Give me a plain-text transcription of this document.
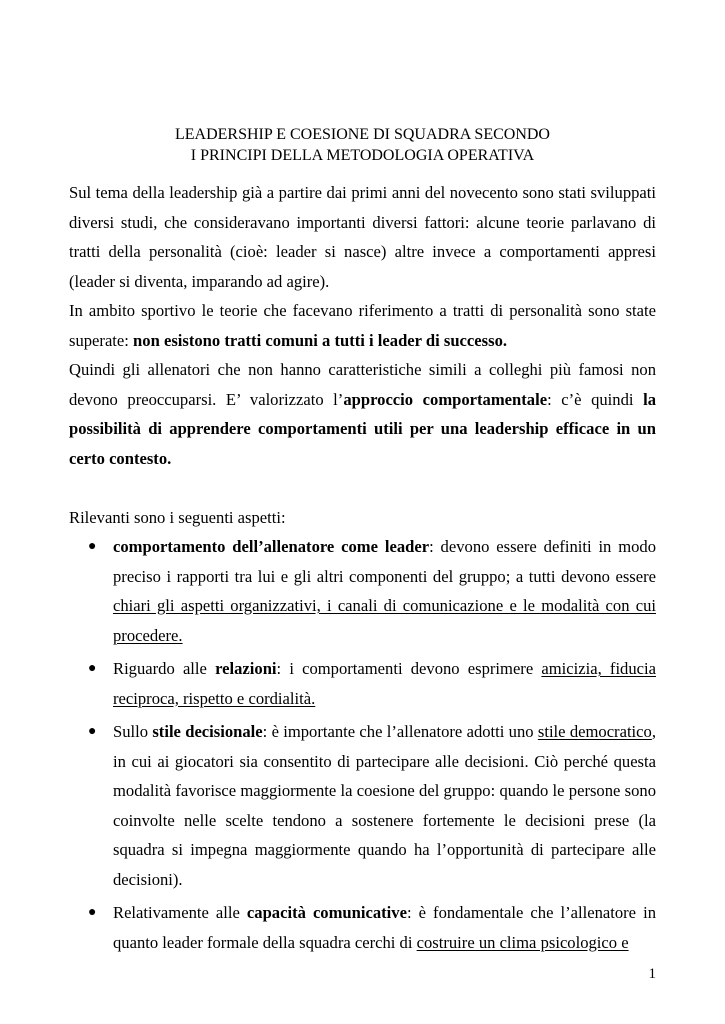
LEADERSHIP E COESIONE DI SQUADRA SECONDO
I PRINCIPI DELLA METODOLOGIA OPERATIVA

Sul tema della leadership già a partire dai primi anni del novecento sono stati sviluppati diversi studi, che consideravano importanti diversi fattori: alcune teorie parlavano di tratti della personalità (cioè: leader si nasce) altre invece a comportamenti appresi (leader si diventa, imparando ad agire).

In ambito sportivo le teorie che facevano riferimento a tratti di personalità sono state superate: non esistono tratti comuni a tutti i leader di successo.

Quindi gli allenatori che non hanno caratteristiche simili a colleghi più famosi non devono preoccuparsi. E’ valorizzato l’approccio comportamentale: c’è quindi la possibilità di apprendere comportamenti utili per una leadership efficace in un certo contesto.

Rilevanti sono i seguenti aspetti:

● comportamento dell’allenatore come leader: devono essere definiti in modo preciso i rapporti tra lui e gli altri componenti del gruppo; a tutti devono essere chiari gli aspetti organizzativi, i canali di comunicazione e le modalità con cui procedere.
● Riguardo alle relazioni: i comportamenti devono esprimere amicizia, fiducia reciproca, rispetto e cordialità.
● Sullo stile decisionale: è importante che l’allenatore adotti uno stile democratico, in cui ai giocatori sia consentito di partecipare alle decisioni. Ciò perché questa modalità favorisce maggiormente la coesione del gruppo: quando le persone sono coinvolte nelle scelte tendono a sostenere fortemente le decisioni prese (la squadra si impegna maggiormente quando ha l’opportunità di partecipare alle decisioni).
● Relativamente alle capacità comunicative: è fondamentale che l’allenatore in quanto leader formale della squadra cerchi di costruire un clima psicologico e
1
